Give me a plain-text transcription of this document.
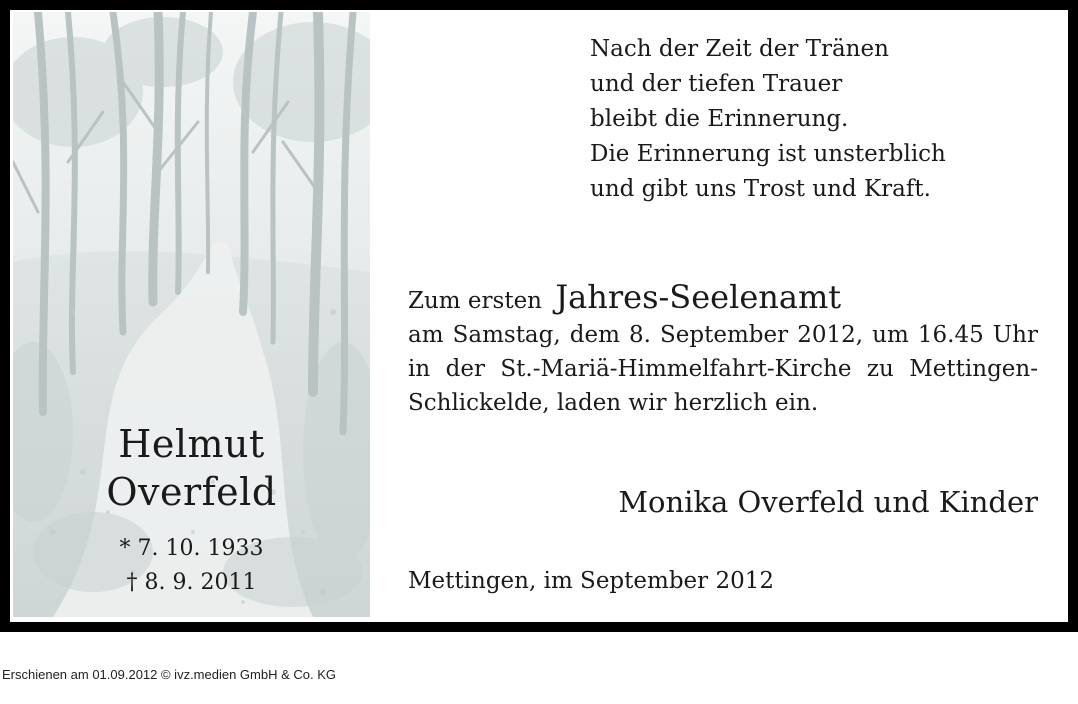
Helmut
Overfeld
* 7. 10. 1933
† 8. 9. 2011
Nach der Zeit der Tränen
und der tiefen Trauer
bleibt die Erinnerung.
Die Erinnerung ist unsterblich
und gibt uns Trost und Kraft.
Zum ersten Jahres-Seelenamt
am Samstag, dem 8. September 2012, um 16.45 Uhr
in der St.-Mariä-Himmelfahrt-Kirche zu Mettingen-
Schlickelde, laden wir herzlich ein.
Monika Overfeld und Kinder
Mettingen, im September 2012
Erschienen am 01.09.2012 © ivz.medien GmbH & Co. KG
